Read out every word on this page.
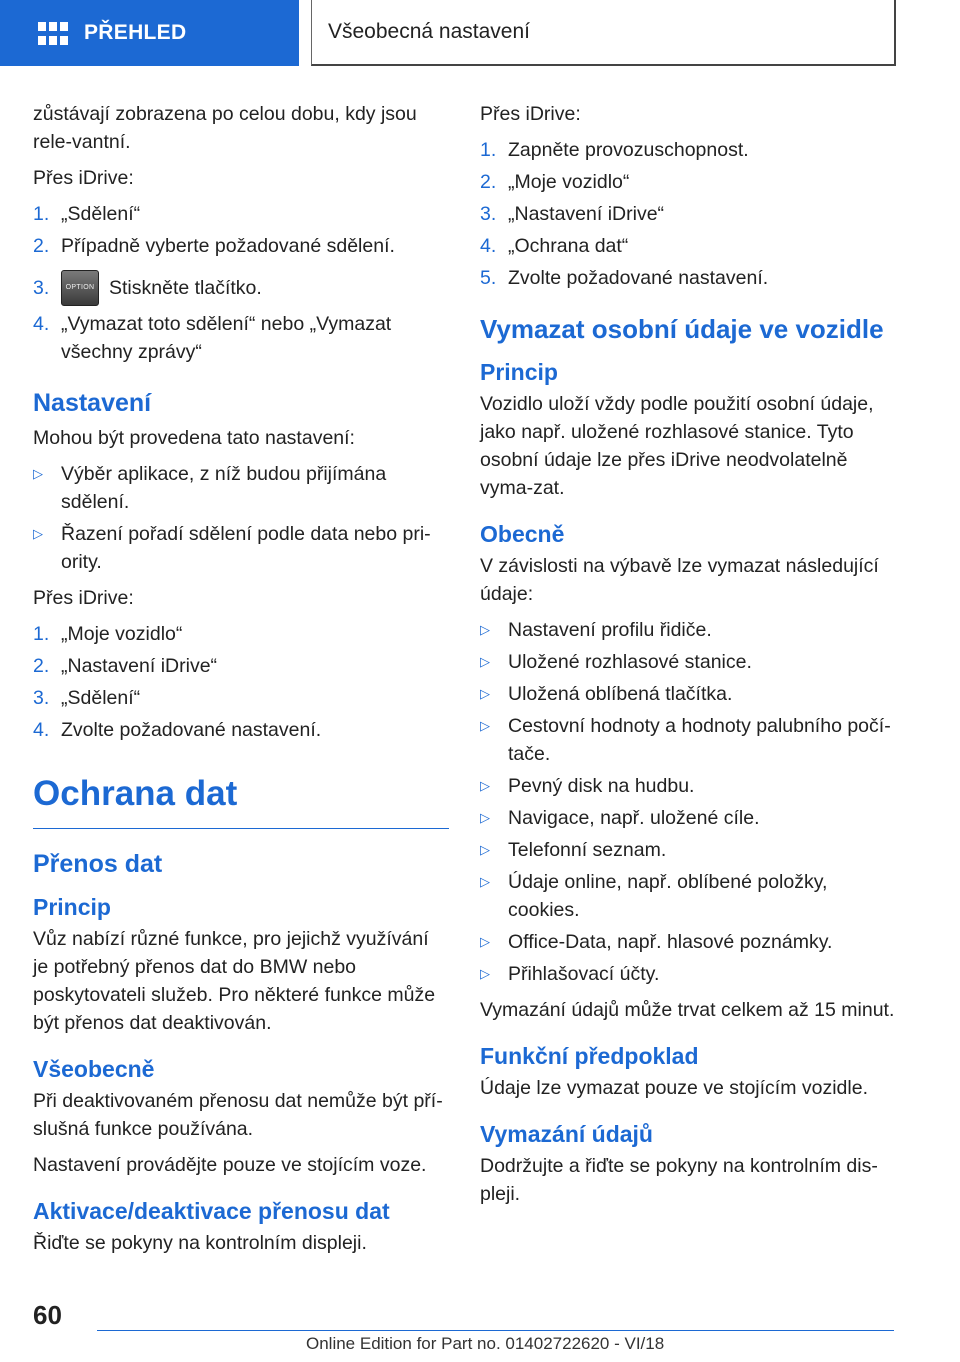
PŘEHLED	Všeobecná nastavení

zůstávají zobrazena po celou dobu, kdy jsou rele-vantní.

Přes iDrive:

1. „Sdělení“
2. Případně vyberte požadované sdělení.
3.	OPTION Stiskněte tlačítko.
4. „Vymazat toto sdělení“ nebo „Vymazat všechny zprávy“
Nastavení

Mohou být provedena tato nastavení:

▷ Výběr aplikace, z níž budou přijímána sdělení.
▷ Řazení pořadí sdělení podle data nebo pri-ority.

Přes iDrive:

1. „Moje vozidlo“
2. „Nastavení iDrive“
3. „Sdělení“
4. Zvolte požadované nastavení.
Ochrana dat
Přenos dat
Princip

Vůz nabízí různé funkce, pro jejichž využívání je potřebný přenos dat do BMW nebo poskytovateli služeb. Pro některé funkce může být přenos dat deaktivován.

Všeobecně

Při deaktivovaném přenosu dat nemůže být pří-slušná funkce používána.

Nastavení provádějte pouze ve stojícím voze.

Aktivace/deaktivace přenosu dat

Řiďte se pokyny na kontrolním displeji.

Přes iDrive:

1. Zapněte provozuschopnost.
2. „Moje vozidlo“
3. „Nastavení iDrive“
4. „Ochrana dat“
5. Zvolte požadované nastavení.
Vymazat osobní údaje ve vozidle
Princip

Vozidlo uloží vždy podle použití osobní údaje, jako např. uložené rozhlasové stanice. Tyto osobní údaje lze přes iDrive neodvolatelně vyma-zat.

Obecně

V závislosti na výbavě lze vymazat následující údaje:

▷ Nastavení profilu řidiče.
▷ Uložené rozhlasové stanice.
▷ Uložená oblíbená tlačítka.
▷ Cestovní hodnoty a hodnoty palubního počí-tače.
▷ Pevný disk na hudbu.
▷ Navigace, např. uložené cíle.
▷ Telefonní seznam.
▷ Údaje online, např. oblíbené položky, cookies.
▷ Office-Data, např. hlasové poznámky.
▷ Přihlašovací účty.

Vymazání údajů může trvat celkem až 15 minut.

Funkční předpoklad

Údaje lze vymazat pouze ve stojícím vozidle.

Vymazání údajů

Dodržujte a řiďte se pokyny na kontrolním dis-pleji.

60
Online Edition for Part no. 01402722620 - VI/18
